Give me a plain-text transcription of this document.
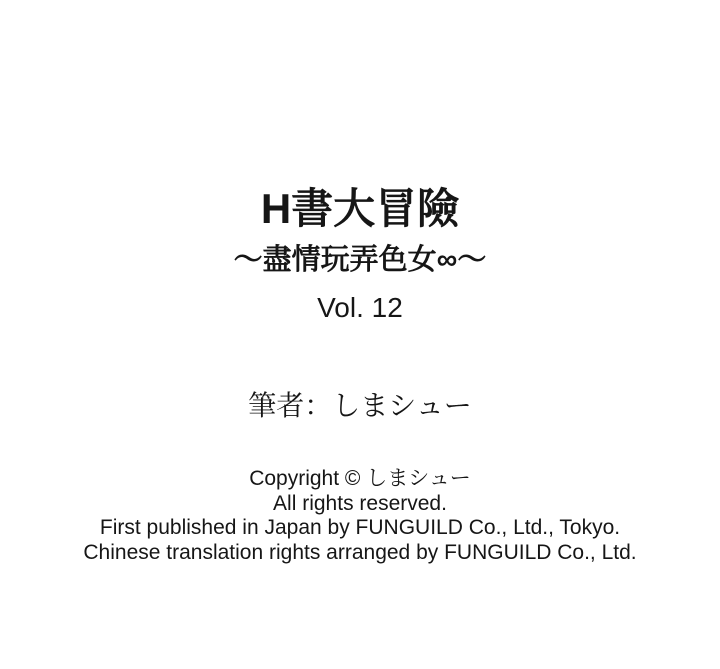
H書大冒險
～盡情玩弄色女∞～
Vol. 12
筆者：しまシュー
Copyright © しまシュー
All rights reserved.
First published in Japan by FUNGUILD Co., Ltd., Tokyo.
Chinese translation rights arranged by FUNGUILD Co., Ltd.
